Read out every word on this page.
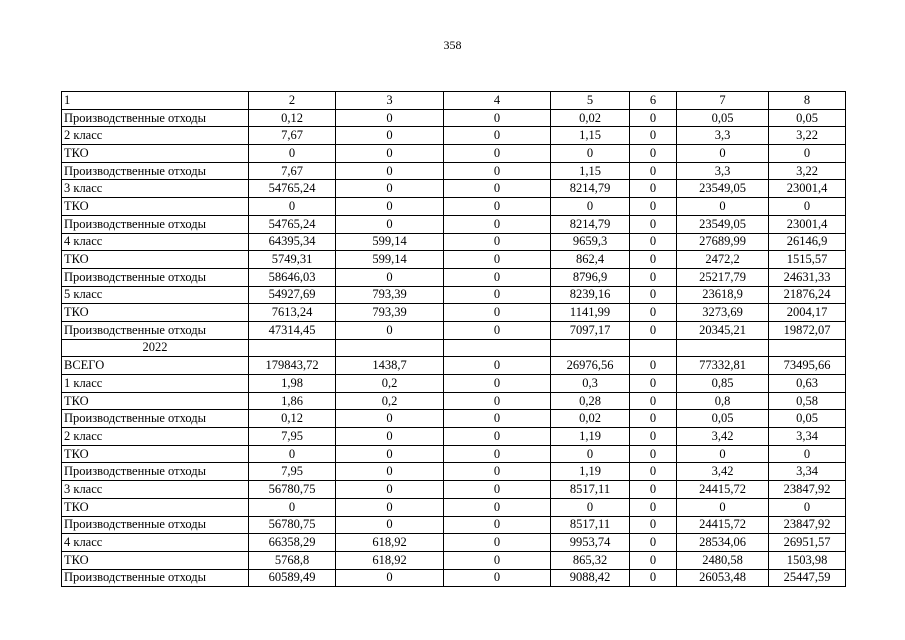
358
1	2	3	4	5	6	7	8
Производственные отходы	0,12	0	0	0,02	0	0,05	0,05
2 класс	7,67	0	0	1,15	0	3,3	3,22
ТКО	0	0	0	0	0	0	0
Производственные отходы	7,67	0	0	1,15	0	3,3	3,22
3 класс	54765,24	0	0	8214,79	0	23549,05	23001,4
ТКО	0	0	0	0	0	0	0
Производственные отходы	54765,24	0	0	8214,79	0	23549,05	23001,4
4 класс	64395,34	599,14	0	9659,3	0	27689,99	26146,9
ТКО	5749,31	599,14	0	862,4	0	2472,2	1515,57
Производственные отходы	58646,03	0	0	8796,9	0	25217,79	24631,33
5 класс	54927,69	793,39	0	8239,16	0	23618,9	21876,24
ТКО	7613,24	793,39	0	1141,99	0	3273,69	2004,17
Производственные отходы	47314,45	0	0	7097,17	0	20345,21	19872,07
2022							
ВСЕГО	179843,72	1438,7	0	26976,56	0	77332,81	73495,66
1 класс	1,98	0,2	0	0,3	0	0,85	0,63
ТКО	1,86	0,2	0	0,28	0	0,8	0,58
Производственные отходы	0,12	0	0	0,02	0	0,05	0,05
2 класс	7,95	0	0	1,19	0	3,42	3,34
ТКО	0	0	0	0	0	0	0
Производственные отходы	7,95	0	0	1,19	0	3,42	3,34
3 класс	56780,75	0	0	8517,11	0	24415,72	23847,92
ТКО	0	0	0	0	0	0	0
Производственные отходы	56780,75	0	0	8517,11	0	24415,72	23847,92
4 класс	66358,29	618,92	0	9953,74	0	28534,06	26951,57
ТКО	5768,8	618,92	0	865,32	0	2480,58	1503,98
Производственные отходы	60589,49	0	0	9088,42	0	26053,48	25447,59
